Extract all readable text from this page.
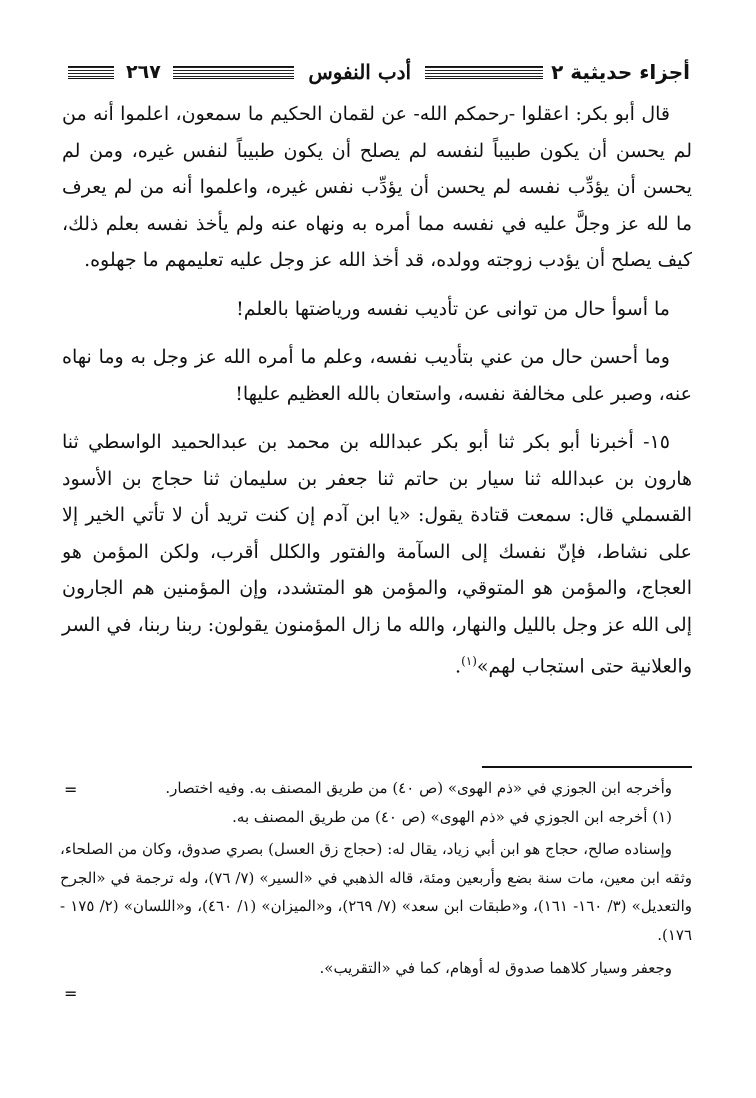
أجزاء حديثية ٢
أدب النفوس
٢٦٧

قال أبو بكر: اعقلوا -رحمكم الله- عن لقمان الحكيم ما سمعون، اعلموا أنه من لم يحسن أن يكون طبيباً لنفسه لم يصلح أن يكون طبيباً لنفس غيره، ومن لم يحسن أن يؤدِّب نفسه لم يحسن أن يؤدِّب نفس غيره، واعلموا أنه من لم يعرف ما لله عز وجلَّ عليه في نفسه مما أمره به ونهاه عنه ولم يأخذ نفسه بعلم ذلك، كيف يصلح أن يؤدب زوجته وولده، قد أخذ الله عز وجل عليه تعليمهم ما جهلوه.

ما أسوأ حال من توانى عن تأديب نفسه ورياضتها بالعلم!

وما أحسن حال من عني بتأديب نفسه، وعلم ما أمره الله عز وجل به وما نهاه عنه، وصبر على مخالفة نفسه، واستعان بالله العظيم عليها!

١٥- أخبرنا أبو بكر ثنا أبو بكر عبدالله بن محمد بن عبدالحميد الواسطي ثنا هارون بن عبدالله ثنا سيار بن حاتم ثنا جعفر بن سليمان ثنا حجاج بن الأسود القسملي قال: سمعت قتادة يقول: «يا ابن آدم إن كنت تريد أن لا تأتي الخير إلا على نشاط، فإنّ نفسك إلى السآمة والفتور والكلل أقرب، ولكن المؤمن هو العجاج، والمؤمن هو المتوقي، والمؤمن هو المتشدد، وإن المؤمنين هم الجارون إلى الله عز وجل بالليل والنهار، والله ما زال المؤمنون يقولون: ربنا ربنا، في السر والعلانية حتى استجاب لهم»$^{(١)}$.

=
=

وأخرجه ابن الجوزي في «ذم الهوى» (ص ٤٠) من طريق المصنف به. وفيه اختصار.

(١) أخرجه ابن الجوزي في «ذم الهوى» (ص ٤٠) من طريق المصنف به.

وإسناده صالح، حجاج هو ابن أبي زياد، يقال له: (حجاج زق العسل) بصري صدوق، وكان من الصلحاء، وثقه ابن معين، مات سنة بضع وأربعين ومئة، قاله الذهبي في «السير» (٧/ ٧٦)، وله ترجمة في «الجرح والتعديل» (٣/ ١٦٠- ١٦١)، و«طبقات ابن سعد» (٧/ ٢٦٩)، و«الميزان» (١/ ٤٦٠)، و«اللسان» (٢/ ١٧٥ - ١٧٦).

وجعفر وسيار كلاهما صدوق له أوهام، كما في «التقريب».
